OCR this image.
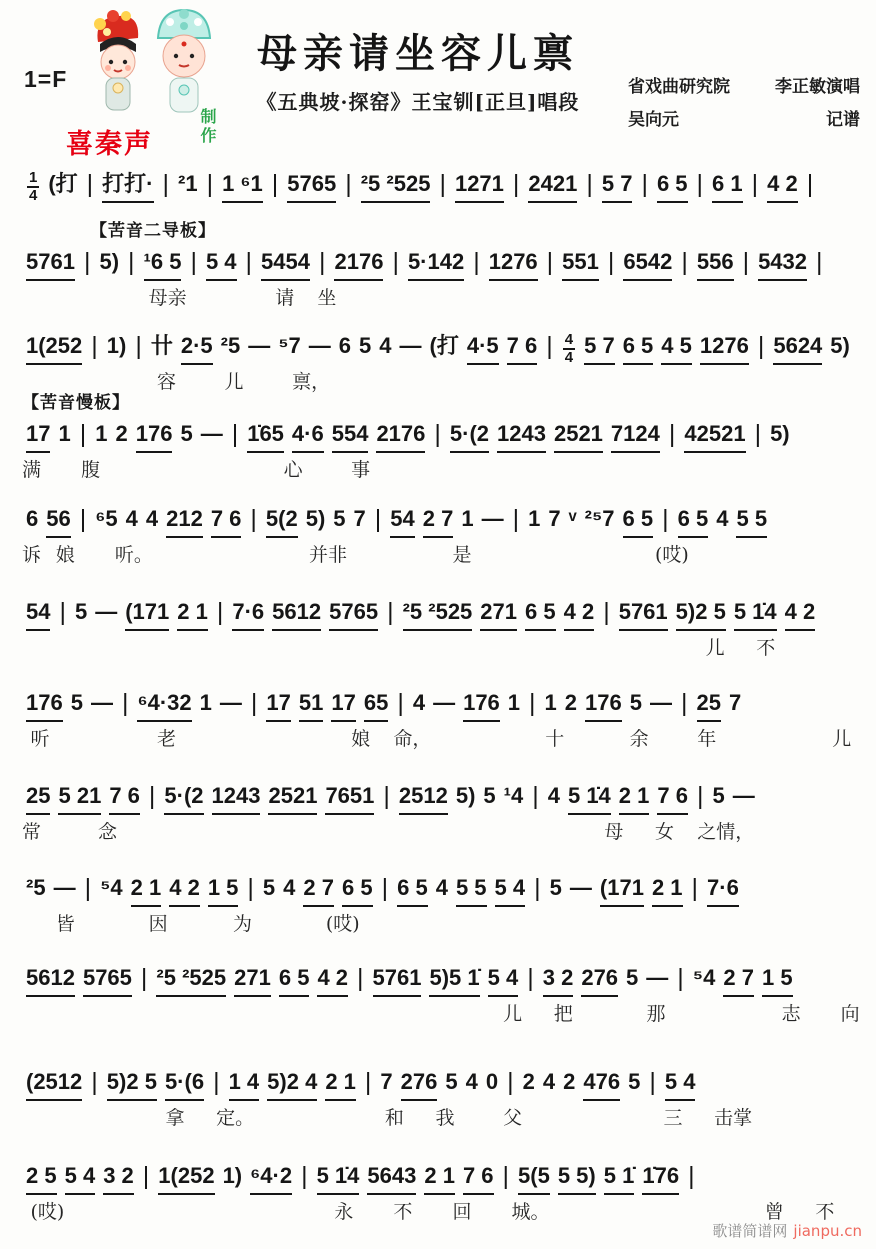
1=F
喜秦声	制作
母亲请坐容儿禀
《五典坡·探窑》王宝钏[正旦]唱段
省戏曲研究院	李正敏演唱
吴向元	记谱
$\frac{1}{4}$ (打 | 打打· | ²1 | 1 ⁶1 | 5765 | ²5 ²525 | 1271 | 2421 | 5 7 | 6 5 | 6 1 | 4 2 |
【苦音二导板】
5761 | 5) | ¹6 5 | 5 4 | 5454 | 2176 | 5·142 | 1276 | 551 | 6542 | 556 | 5432 |
母亲	请 坐
1(252 | 1) | 卄 2·5 ²5 — ⁵7 — 6 5 4 — (打 4·5 7 6 | $\frac{4}{4} 5$ 7 6 5 4 5 1276 | 5624 5)
容	儿	禀，
【苦音慢板】
17 1 | 1 2 176 5 — | 1̇65 4·6 554 2176 | 5·(2 1243 2521 7124 | 42521 | 5)
满 腹	心	事
6 56 | ⁶5 4 4 212 7 6 | 5(2 5) 5 7 | 54 2 7 1 — | 1 7 ᵛ ²⁵7 6 5 | 6 5 4 5 5
诉 娘 听。	并非	是	(哎)
54 | 5 — (171 2 1 | 7·6 5612 5765 | ²5 ²525 271 6 5 4 2 | 5761 5)2 5 5 1̇4 4 2
儿 不
176 5 — | ⁶4·32 1 — | 17 51 17 65 | 4 — 176 1 | 1 2 176 5 — | 25 7
听	老	娘 命，	十	余	年	儿
25 5 21 7 6 | 5·(2 1243 2521 7651 | 2512 5) 5 ¹4 | 4 5 1̇4 2 1 7 6 | 5 —
常	念	母 女 之情，
²5 — | ⁵4 2 1 4 2 1 5 | 5 4 2 7 6 5 | 6 5 4 5 5 5 4 | 5 — (171 2 1 | 7·6
皆	因	为	(哎)
5612 5765 | ²5 ²525 271 6 5 4 2 | 5761 5)5 1̇ 5 4 | 3 2 276 5 — | ⁵4 2 7 1 5
儿 把	那	志 向
(2512 | 5)2 5 5·(6 | 1 4 5)2 4 2 1 | 7 276 5 4 0 | 2 4 2 476 5 | 5 4
拿 定。	和 我	父	三 击掌
2 5 5 4 3 2 | 1(252 1) ⁶4·2 | 5 1̇4 5643 2 1 7 6 | 5(5 5 5) 5 1̇ 1̇76 |
(哎)	永 不 回 城。	曾 不
歌谱简谱网 jianpu.cn
